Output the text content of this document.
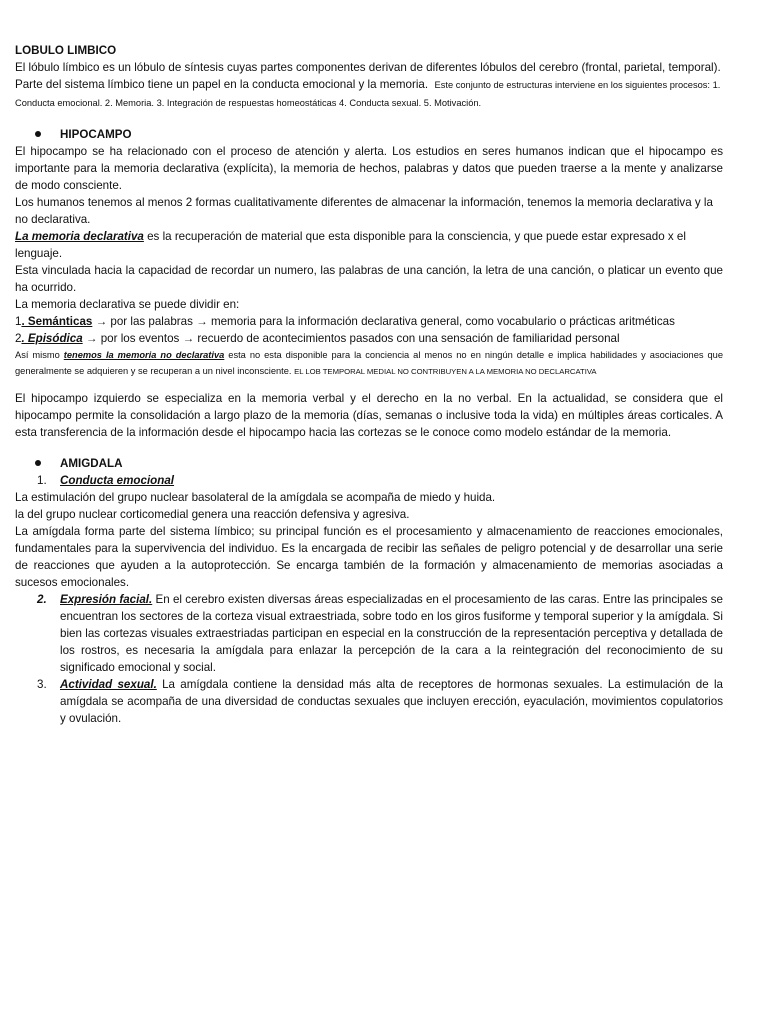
LOBULO LIMBICO

El lóbulo límbico es un lóbulo de síntesis cuyas partes componentes derivan de diferentes lóbulos del cerebro (frontal, parietal, temporal).

Parte del sistema límbico tiene un papel en la conducta emocional y la memoria. Este conjunto de estructuras interviene en los siguientes procesos: 1. Conducta emocional. 2. Memoria. 3. Integración de respuestas homeostáticas 4. Conducta sexual. 5. Motivación.

HIPOCAMPO

El hipocampo se ha relacionado con el proceso de atención y alerta. Los estudios en seres humanos indican que el hipocampo es importante para la memoria declarativa (explícita), la memoria de hechos, palabras y datos que pueden traerse a la mente y analizarse de modo consciente.

Los humanos tenemos al menos 2 formas cualitativamente diferentes de almacenar la información, tenemos la memoria declarativa y la no declarativa.

La memoria declarativa es la recuperación de material que esta disponible para la consciencia, y que puede estar expresado x el lenguaje.

Esta vinculada hacia la capacidad de recordar un numero, las palabras de una canción, la letra de una canción, o platicar un evento que ha ocurrido.

La memoria declarativa se puede dividir en:

1. Semánticas → por las palabras → memoria para la información declarativa general, como vocabulario o prácticas aritméticas

2. Episódica → por los eventos → recuerdo de acontecimientos pasados con una sensación de familiaridad personal

Así mismo tenemos la memoria no declarativa esta no esta disponible para la conciencia al menos no en ningún detalle e implica habilidades y asociaciones que generalmente se adquieren y se recuperan a un nivel inconsciente. EL LOB TEMPORAL MEDIAL NO CONTRIBUYEN A LA MEMORIA NO DECLARCATIVA

El hipocampo izquierdo se especializa en la memoria verbal y el derecho en la no verbal. En la actualidad, se considera que el hipocampo permite la consolidación a largo plazo de la memoria (días, semanas o inclusive toda la vida) en múltiples áreas corticales. A esta transferencia de la información desde el hipocampo hacia las cortezas se le conoce como modelo estándar de la memoria.

AMIGDALA
1. Conducta emocional

La estimulación del grupo nuclear basolateral de la amígdala se acompaña de miedo y huida.

la del grupo nuclear corticomedial genera una reacción defensiva y agresiva.

La amígdala forma parte del sistema límbico; su principal función es el procesamiento y almacenamiento de reacciones emocionales, fundamentales para la supervivencia del individuo. Es la encargada de recibir las señales de peligro potencial y de desarrollar una serie de reacciones que ayuden a la autoprotección. Se encarga también de la formación y almacenamiento de memorias asociadas a sucesos emocionales.

2. Expresión facial. En el cerebro existen diversas áreas especializadas en el procesamiento de las caras. Entre las principales se encuentran los sectores de la corteza visual extraestriada, sobre todo en los giros fusiforme y temporal superior y la amígdala. Si bien las cortezas visuales extraestriadas participan en especial en la construcción de la representación perceptiva y detallada de los rostros, es necesaria la amígdala para enlazar la percepción de la cara a la reintegración del reconocimiento de su significado emocional y social.
3. Actividad sexual. La amígdala contiene la densidad más alta de receptores de hormonas sexuales. La estimulación de la amígdala se acompaña de una diversidad de conductas sexuales que incluyen erección, eyaculación, movimientos copulatorios y ovulación.
